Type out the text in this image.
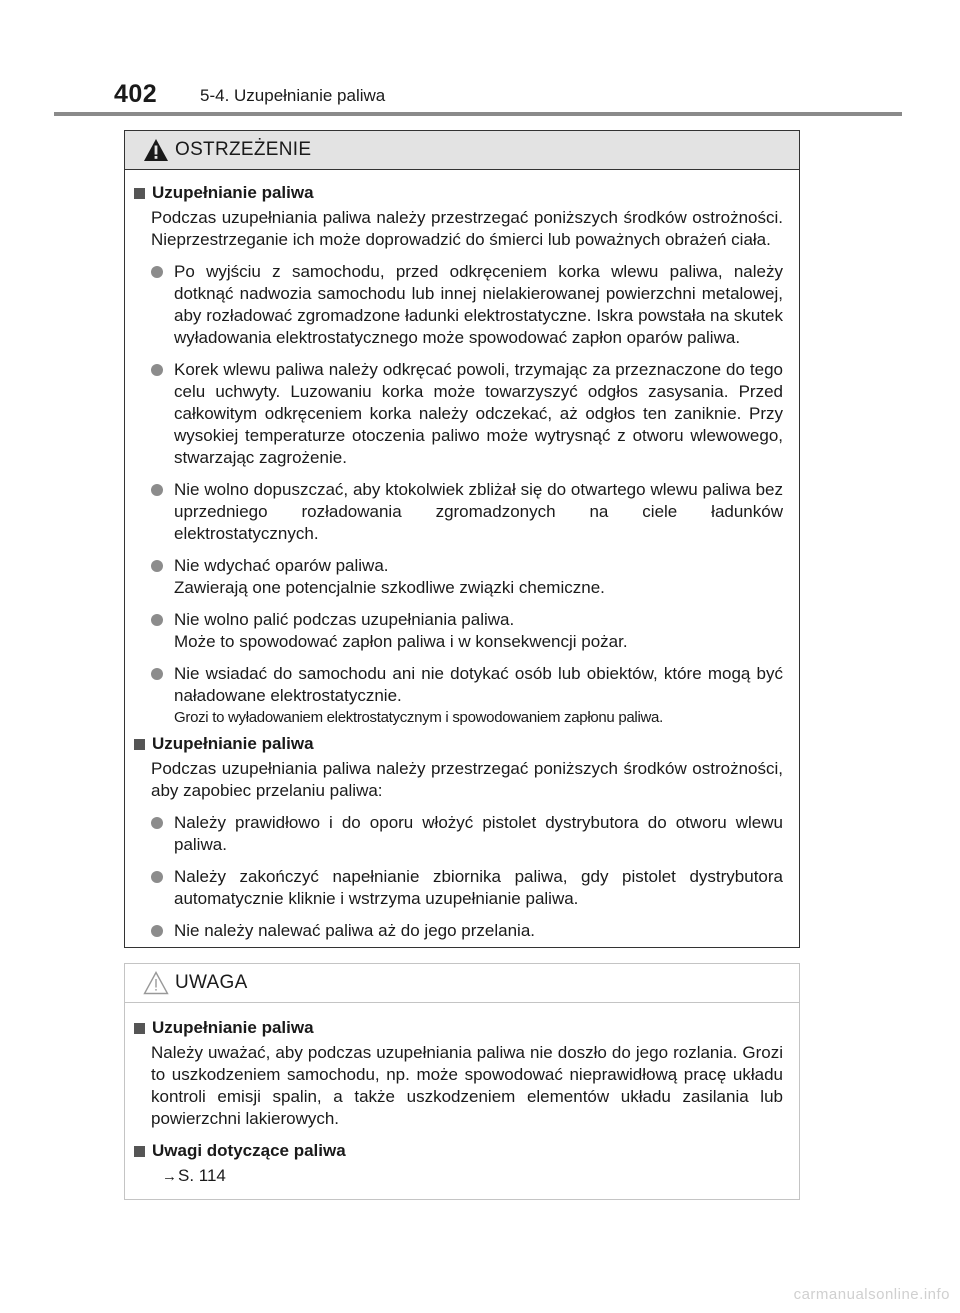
402	5-4. Uzupełnianie paliwa
OSTRZEŻENIE
Uzupełnianie paliwa
Podczas uzupełniania paliwa należy przestrzegać poniższych środków ostrożności. Nieprzestrzeganie ich może doprowadzić do śmierci lub poważnych obrażeń ciała.
Po wyjściu z samochodu, przed odkręceniem korka wlewu paliwa, należy dotknąć nadwozia samochodu lub innej nielakierowanej powierzchni metalowej, aby rozładować zgromadzone ładunki elektrostatyczne. Iskra powstała na skutek wyładowania elektrostatycznego może spowodować zapłon oparów paliwa.
Korek wlewu paliwa należy odkręcać powoli, trzymając za przeznaczone do tego celu uchwyty. Luzowaniu korka może towarzyszyć odgłos zasysania. Przed całkowitym odkręceniem korka należy odczekać, aż odgłos ten zaniknie. Przy wysokiej temperaturze otoczenia paliwo może wytrysnąć z otworu wlewowego, stwarzając zagrożenie.
Nie wolno dopuszczać, aby ktokolwiek zbliżał się do otwartego wlewu paliwa bez uprzedniego rozładowania zgromadzonych na ciele ładunków elektrostatycznych.
Nie wdychać oparów paliwa.
Zawierają one potencjalnie szkodliwe związki chemiczne.
Nie wolno palić podczas uzupełniania paliwa.
Może to spowodować zapłon paliwa i w konsekwencji pożar.
Nie wsiadać do samochodu ani nie dotykać osób lub obiektów, które mogą być naładowane elektrostatycznie.
Grozi to wyładowaniem elektrostatycznym i spowodowaniem zapłonu paliwa.
Uzupełnianie paliwa
Podczas uzupełniania paliwa należy przestrzegać poniższych środków ostrożności, aby zapobiec przelaniu paliwa:
Należy prawidłowo i do oporu włożyć pistolet dystrybutora do otworu wlewu paliwa.
Należy zakończyć napełnianie zbiornika paliwa, gdy pistolet dystrybutora automatycznie kliknie i wstrzyma uzupełnianie paliwa.
Nie należy nalewać paliwa aż do jego przelania.
UWAGA
Uzupełnianie paliwa
Należy uważać, aby podczas uzupełniania paliwa nie doszło do jego rozlania. Grozi to uszkodzeniem samochodu, np. może spowodować nieprawidłową pracę układu kontroli emisji spalin, a także uszkodzeniem elementów układu zasilania lub powierzchni lakierowych.
Uwagi dotyczące paliwa
→S. 114
carmanualsonline.info
